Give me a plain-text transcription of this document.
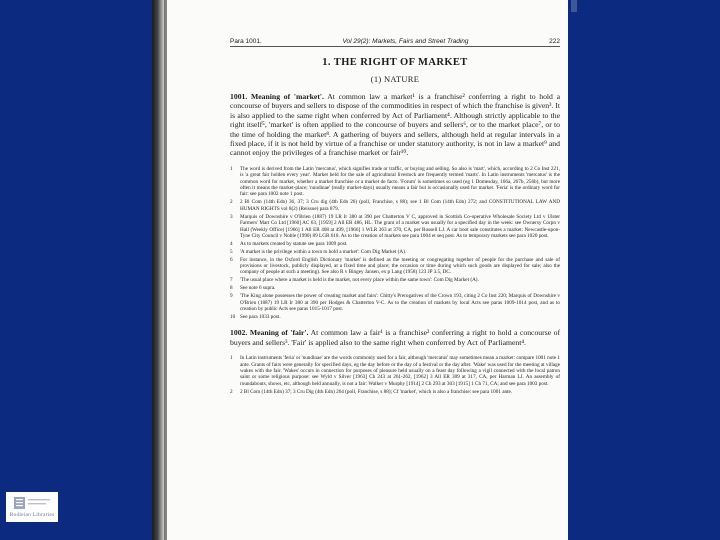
Para 1001.	Vol 29(2): Markets, Fairs and Street Trading	222
1. THE RIGHT OF MARKET
(1) NATURE
1001. Meaning of 'market'. At common law a market¹ is a franchise² conferring a right to hold a concourse of buyers and sellers to dispose of the commodities in respect of which the franchise is given³. It is also applied to the same right when conferred by Act of Parliament⁴. Although strictly applicable to the right itself⁵, 'market' is often applied to the concourse of buyers and sellers⁶, or to the market place⁷, or to the time of holding the market⁸. A gathering of buyers and sellers, although held at regular intervals in a fixed place, if it is not held by virtue of a franchise or under statutory authority, is not in law a market⁹ and cannot enjoy the privileges of a franchise market or fair¹⁰.
1	The word is derived from the Latin 'mercatus', which signifies trade or traffic, or buying and selling. So also is 'mart', which, according to 2 Co Inst 221, is 'a great fair holden every year'. Market held for the sale of agricultural livestock are frequently termed 'marts'. In Latin instruments 'mercatus' is the common word for market, whether a market franchise or a market de facto. 'Forum' is sometimes so used (eg 1 Domesday, 166a, 267b, 256b), but more often it means the market-place; 'nundinae' (really market-days) usually means a fair but is occasionally used for market. 'Feria' is the ordinary word for fair: see para 1002 note 1 post.
2	2 Bl Com (14th Edn) 36, 37; 3 Cru dig (4th Edn 26) (poll, Franchise, s 88); see 1 Bl Com (14th Edn) 272; and CONSTITUTIONAL LAW AND HUMAN RIGHTS vol 8(2) (Reissue) para 879.
3	Marquis of Downshire v O'Brien (1887) 19 LR Ir 380 at 390 per Chatterton V C, approved in Scottish Co-operative Wholesale Society Ltd v Ulster Farmers' Mart Co Ltd [1960] AC 63, [1959] 2 All ER 486, HL. The grant of a market was usually for a specified day in the week: see Ownersy Corpn v Hall (Weekly Office) [1966] 1 All ER 408 at 499, [1966] 1 WLR 363 at 370, CA, per Russell LJ. A car boot sale constitutes a market: Newcastle-upon-Tyne City Council v Noble (1990) 89 LGR 618. As to the creation of markets see para 1004 et seq post. As to temporary markets see para 1020 post.
4	As to markets created by statute see para 1009 post.
5	'A market is the privilege within a town to hold a market': Com Dig Market (A).
6	For instance, in the Oxford English Dictionary 'market' is defined as the meeting or congregating together of people for the purchase and sale of provisions or livestock, publicly displayed, at a fixed time and place; the occasion or time during which such goods are displayed for sale; also the company of people at such a meeting). See also R v Bingey Jansen, ex p Lang (1958) 123 JP 3.5, DC.
7	'The usual place where a market is held is the market, not every place within the same town': Com Dig Market (A).
8	See note 6 supra.
9	'The King alone possesses the power of creating market and fairs': Chitty's Prerogatives of the Crown 193, citing 2 Co Inst 220; Marquis of Downshire v O'Brien (1887) 19 LR Ir 380 at 390 per Hodges & Chatterton V-C. As to the creation of markets by local Acts see paras 1009-1014 post, and as to creation by public Acts see paras 1015-1017 post.
10 See para 1033 post.
1002. Meaning of 'fair'. At common law a fair¹ is a franchise² conferring a right to hold a concourse of buyers and sellers³. 'Fair' is applied also to the same right when conferred by Act of Parliament⁴.
1	In Latin instruments 'feria' or 'nundinae' are the words commonly used for a fair, although 'mercatus' may sometimes mean a market: compare 1001 note 1 ante. Grants of fairs were generally for specified days, eg the day before or the day of a festival or the day after. 'Wake' was used for the meeting at village wakes with the fair. 'Wakes' occurs in connection for purposes of pleasure held usually on a feast day following a vigil connected with the local patron saint or some religious purpose: see Wyld v Silver [1963] Ch 243 at 261-262, [1962] 3 All ER 309 at 317, CA, per Harman LJ. An assembly of roundabouts, shows, etc, although held annually, is not a fair: Walker v Murphy [1914] 2 Ch 293 at 303 [1915] 1 Ch 71, CA; and see para 1003 post.
2	2 Bl Com (14th Edn) 37; 3 Cru Dig (4th Edn) 264 (poll, Franchise, s 88); Cf 'market', which is also a franchise: see para 1001 ante.
Bodleian Libraries
